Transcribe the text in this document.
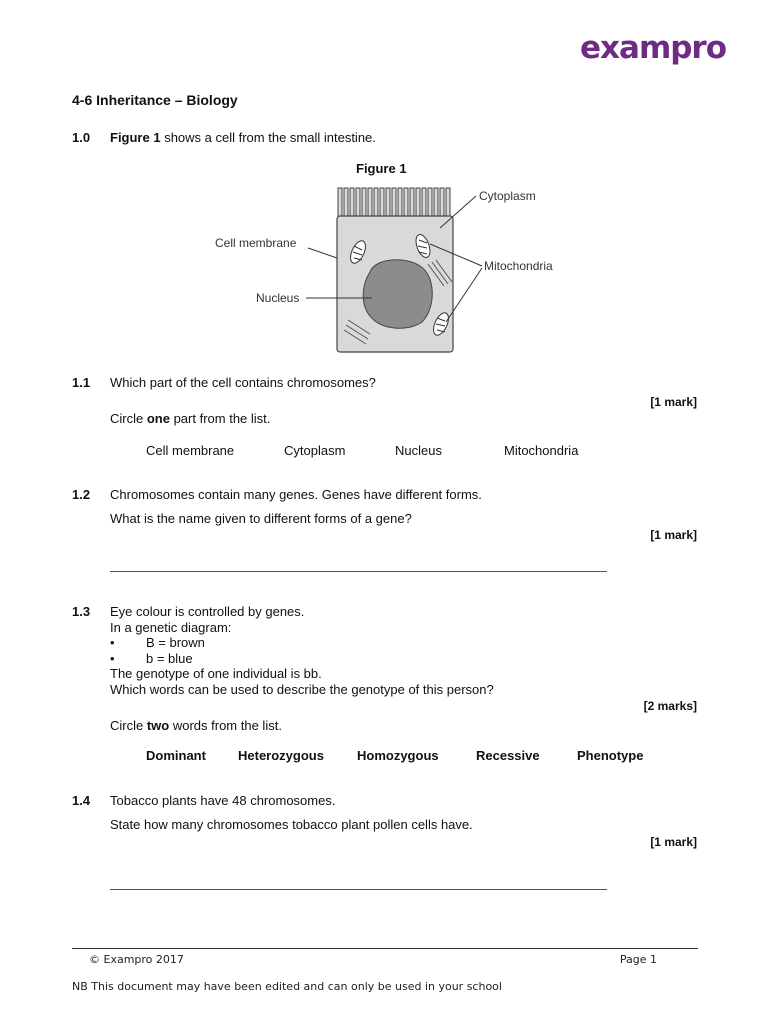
exampro
4-6 Inheritance – Biology
1.0 Figure 1 shows a cell from the small intestine.
Figure 1
Cytoplasm
Cell membrane
Mitochondria
Nucleus
1.1 Which part of the cell contains chromosomes?
[1 mark]
Circle one part from the list.
Cell membrane	Cytoplasm	Nucleus	Mitochondria
1.2 Chromosomes contain many genes. Genes have different forms.
What is the name given to different forms of a gene?
[1 mark]
1.3 Eye colour is controlled by genes.
In a genetic diagram:
• B = brown
• b = blue
The genotype of one individual is bb.
Which words can be used to describe the genotype of this person?
[2 marks]
Circle two words from the list.
Dominant Heterozygous	Homozygous	Recessive	Phenotype
1.4 Tobacco plants have 48 chromosomes.
State how many chromosomes tobacco plant pollen cells have.
[1 mark]
© Exampro 2017	Page 1
NB This document may have been edited and can only be used in your school
